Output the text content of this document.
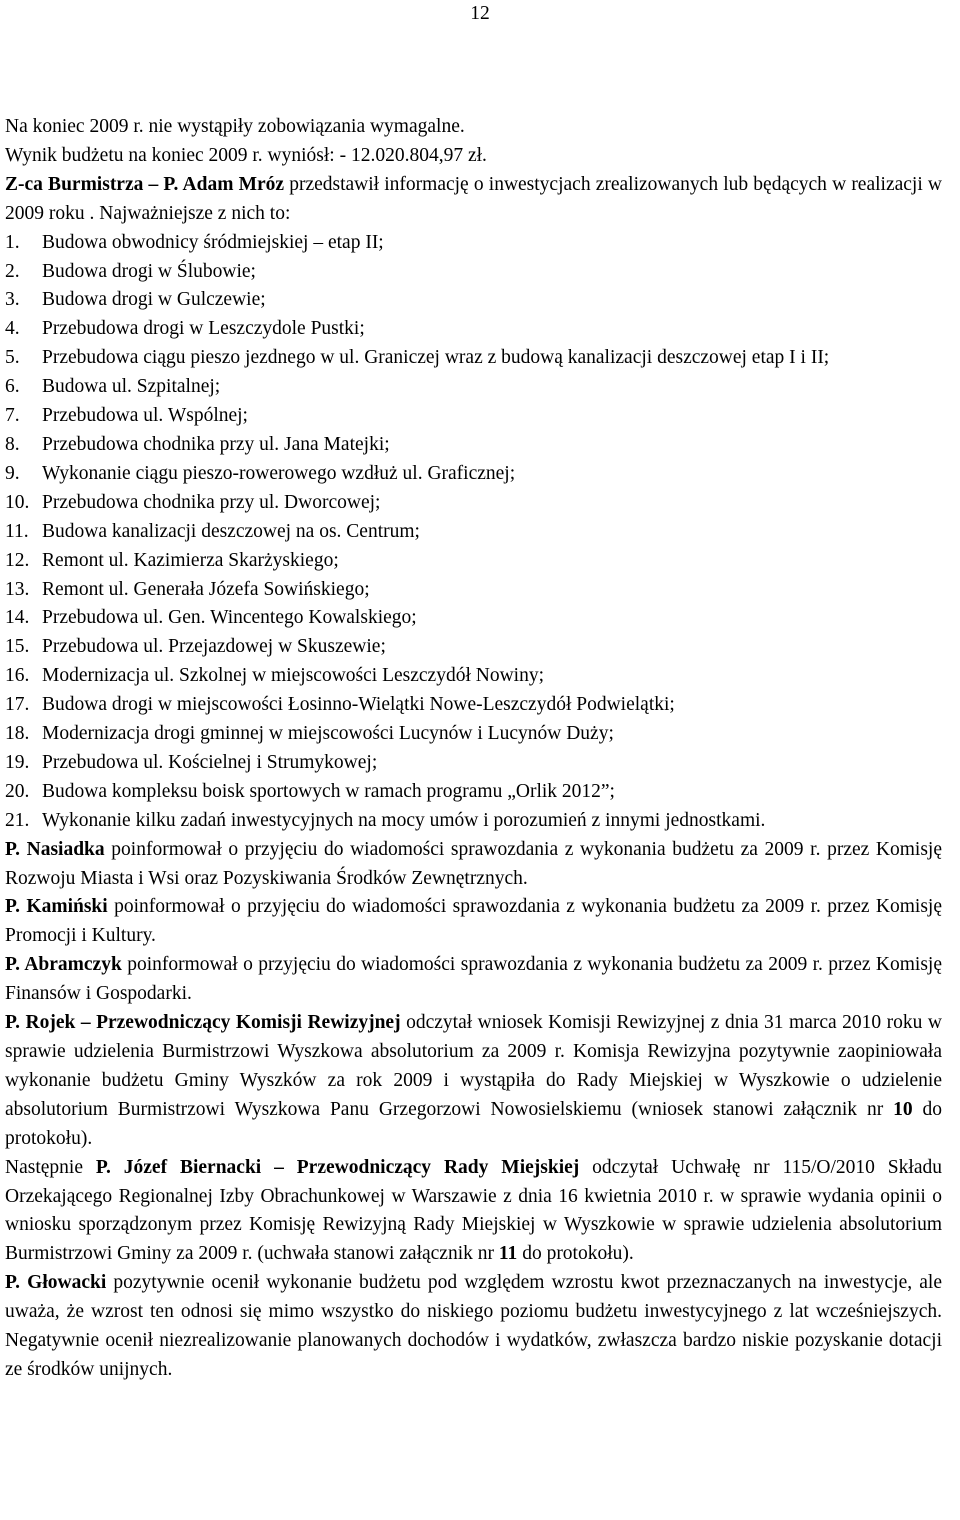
12

Na koniec 2009 r. nie wystąpiły zobowiązania wymagalne.

Wynik budżetu na koniec 2009 r. wyniósł: - 12.020.804,97 zł.

Z-ca Burmistrza – P. Adam Mróz przedstawił informację o inwestycjach zrealizowanych lub będących w realizacji w 2009 roku . Najważniejsze z nich to:

1.	Budowa obwodnicy śródmiejskiej – etap II;
2.	Budowa drogi w Ślubowie;
3.	Budowa drogi w Gulczewie;
4.	Przebudowa drogi w Leszczydole Pustki;
5.	Przebudowa ciągu pieszo jezdnego w ul. Graniczej wraz z budową kanalizacji deszczowej etap I i II;
6.	Budowa ul. Szpitalnej;
7.	Przebudowa ul. Wspólnej;
8.	Przebudowa chodnika przy ul. Jana Matejki;
9.	Wykonanie ciągu pieszo-rowerowego wzdłuż ul. Graficznej;
10. Przebudowa chodnika przy ul. Dworcowej;
11. Budowa kanalizacji deszczowej na os. Centrum;
12. Remont ul. Kazimierza Skarżyskiego;
13. Remont ul. Generała Józefa Sowińskiego;
14. Przebudowa ul. Gen. Wincentego Kowalskiego;
15. Przebudowa ul. Przejazdowej w Skuszewie;
16. Modernizacja ul. Szkolnej w miejscowości Leszczydół Nowiny;
17. Budowa drogi w miejscowości Łosinno-Wielątki Nowe-Leszczydół Podwielątki;
18. Modernizacja drogi gminnej w miejscowości Lucynów i Lucynów Duży;
19. Przebudowa ul. Kościelnej i Strumykowej;
20. Budowa kompleksu boisk sportowych w ramach programu „Orlik 2012”;
21. Wykonanie kilku zadań inwestycyjnych na mocy umów i porozumień z innymi jednostkami.

P. Nasiadka poinformował o przyjęciu do wiadomości sprawozdania z wykonania budżetu za 2009 r. przez Komisję Rozwoju Miasta i Wsi oraz Pozyskiwania Środków Zewnętrznych.

P. Kamiński poinformował o przyjęciu do wiadomości sprawozdania z wykonania budżetu za 2009 r. przez Komisję Promocji i Kultury.

P. Abramczyk poinformował o przyjęciu do wiadomości sprawozdania z wykonania budżetu za 2009 r. przez Komisję Finansów i Gospodarki.

P. Rojek – Przewodniczący Komisji Rewizyjnej odczytał wniosek Komisji Rewizyjnej z dnia 31 marca 2010 roku w sprawie udzielenia Burmistrzowi Wyszkowa absolutorium za 2009 r. Komisja Rewizyjna pozytywnie zaopiniowała wykonanie budżetu Gminy Wyszków za rok 2009 i wystąpiła do Rady Miejskiej w Wyszkowie o udzielenie absolutorium Burmistrzowi Wyszkowa Panu Grzegorzowi Nowosielskiemu (wniosek stanowi załącznik nr 10 do protokołu).

Następnie P. Józef Biernacki – Przewodniczący Rady Miejskiej odczytał Uchwałę nr 115/O/2010 Składu Orzekającego Regionalnej Izby Obrachunkowej w Warszawie z dnia 16 kwietnia 2010 r. w sprawie wydania opinii o wniosku sporządzonym przez Komisję Rewizyjną Rady Miejskiej w Wyszkowie w sprawie udzielenia absolutorium Burmistrzowi Gminy za 2009 r. (uchwała stanowi załącznik nr 11 do protokołu).

P. Głowacki pozytywnie ocenił wykonanie budżetu pod względem wzrostu kwot przeznaczanych na inwestycje, ale uważa, że wzrost ten odnosi się mimo wszystko do niskiego poziomu budżetu inwestycyjnego z lat wcześniejszych. Negatywnie ocenił niezrealizowanie planowanych dochodów i wydatków, zwłaszcza bardzo niskie pozyskanie dotacji ze środków unijnych.
